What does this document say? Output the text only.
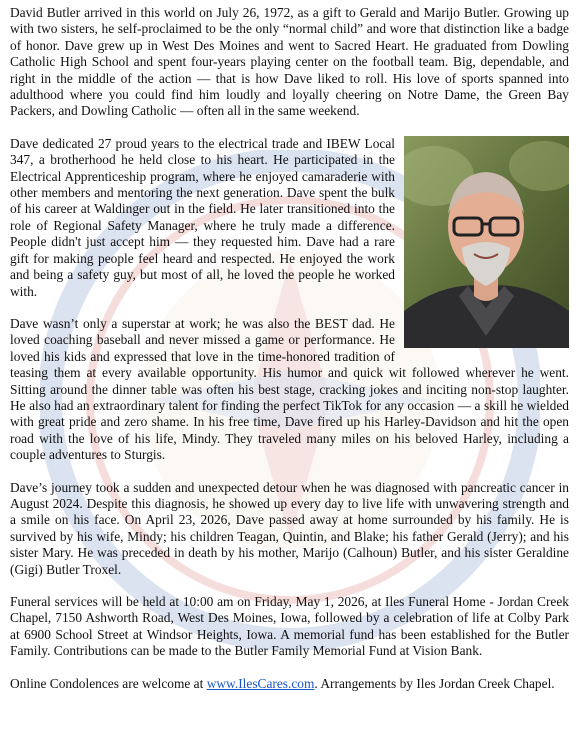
David Butler arrived in this world on July 26, 1972, as a gift to Gerald and Marijo Butler. Growing up with two sisters, he self-proclaimed to be the only “normal child” and wore that distinction like a badge of honor. Dave grew up in West Des Moines and went to Sacred Heart. He graduated from Dowling Catholic High School and spent four-years playing center on the football team. Big, dependable, and right in the middle of the action — that is how Dave liked to roll. His love of sports spanned into adulthood where you could find him loudly and loyally cheering on Notre Dame, the Green Bay Packers, and Dowling Catholic — often all in the same weekend.

Dave dedicated 27 proud years to the electrical trade and IBEW Local 347, a brotherhood he held close to his heart. He participated in the Electrical Apprenticeship program, where he enjoyed camaraderie with other members and mentoring the next generation. Dave spent the bulk of his career at Waldinger out in the field. He later transitioned into the role of Regional Safety Manager, where he truly made a difference. People didn't just accept him — they requested him. Dave had a rare gift for making people feel heard and respected. He enjoyed the work and being a safety guy, but most of all, he loved the people he worked with.

Dave wasn’t only a superstar at work; he was also the BEST dad. He loved coaching baseball and never missed a game or performance. He loved his kids and expressed that love in the time-honored tradition of teasing them at every available opportunity. His humor and quick wit followed wherever he went. Sitting around the dinner table was often his best stage, cracking jokes and inciting non-stop laughter. He also had an extraordinary talent for finding the perfect TikTok for any occasion — a skill he wielded with great pride and zero shame. In his free time, Dave fired up his Harley-Davidson and hit the open road with the love of his life, Mindy. They traveled many miles on his beloved Harley, including a couple adventures to Sturgis.

Dave’s journey took a sudden and unexpected detour when he was diagnosed with pancreatic cancer in August 2024. Despite this diagnosis, he showed up every day to live life with unwavering strength and a smile on his face. On April 23, 2026, Dave passed away at home surrounded by his family. He is survived by his wife, Mindy; his children Teagan, Quintin, and Blake; his father Gerald (Jerry); and his sister Mary. He was preceded in death by his mother, Marijo (Calhoun) Butler, and his sister Geraldine (Gigi) Butler Troxel.

Funeral services will be held at 10:00 am on Friday, May 1, 2026, at Iles Funeral Home - Jordan Creek Chapel, 7150 Ashworth Road, West Des Moines, Iowa, followed by a celebration of life at Colby Park at 6900 School Street at Windsor Heights, Iowa. A memorial fund has been established for the Butler Family. Contributions can be made to the Butler Family Memorial Fund at Vision Bank.

Online Condolences are welcome at www.IlesCares.com. Arrangements by Iles Jordan Creek Chapel.
